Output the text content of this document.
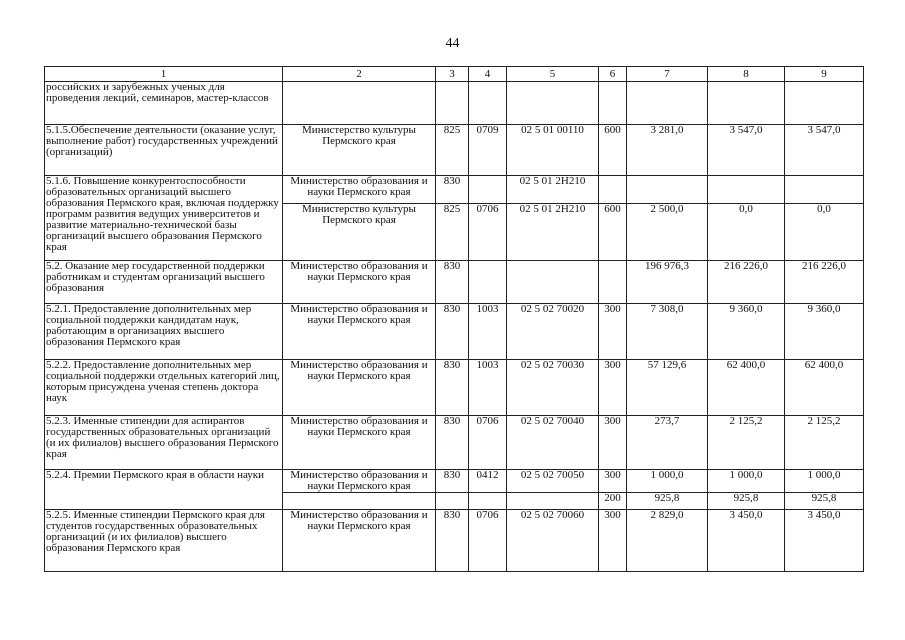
44
1	2	3	4	5	6	7	8	9
российских и зарубежных ученых для проведения лекций, семинаров, мастер-классов								
5.1.5.Обеспечение деятельности (оказание услуг, выполнение работ) государственных учреждений (организаций)	Министерство культуры Пермского края	825	0709	02 5 01 00110	600	3 281,0	3 547,0	3 547,0
5.1.6. Повышение конкурентоспособности образовательных организаций высшего образования Пермского края, включая поддержку программ развития ведущих университетов и развитие материально-технической базы организаций высшего образования Пермского края	Министерство образования и науки Пермского края	830		02 5 01 2Н210				
	Министерство культуры Пермского края	825	0706	02 5 01 2Н210	600	2 500,0	0,0	0,0
5.2. Оказание мер государственной поддержки работникам и студентам организаций высшего образования	Министерство образования и науки Пермского края	830				196 976,3	216 226,0	216 226,0
5.2.1. Предоставление дополнительных мер социальной поддержки кандидатам наук, работающим в организациях высшего образования Пермского края	Министерство образования и науки Пермского края	830	1003	02 5 02 70020	300	7 308,0	9 360,0	9 360,0
5.2.2. Предоставление дополнительных мер социальной поддержки отдельных категорий лиц, которым присуждена ученая степень доктора наук	Министерство образования и науки Пермского края	830	1003	02 5 02 70030	300	57 129,6	62 400,0	62 400,0
5.2.3. Именные стипендии для аспирантов государственных образовательных организаций (и их филиалов) высшего образования Пермского края	Министерство образования и науки Пермского края	830	0706	02 5 02 70040	300	273,7	2 125,2	2 125,2
5.2.4. Премии Пермского края в области науки	Министерство образования и науки Пермского края	830	0412	02 5 02 70050	300	1 000,0	1 000,0	1 000,0
					200	925,8	925,8	925,8
5.2.5. Именные стипендии Пермского края для студентов государственных образовательных организаций (и их филиалов) высшего образования Пермского края	Министерство образования и науки Пермского края	830	0706	02 5 02 70060	300	2 829,0	3 450,0	3 450,0
